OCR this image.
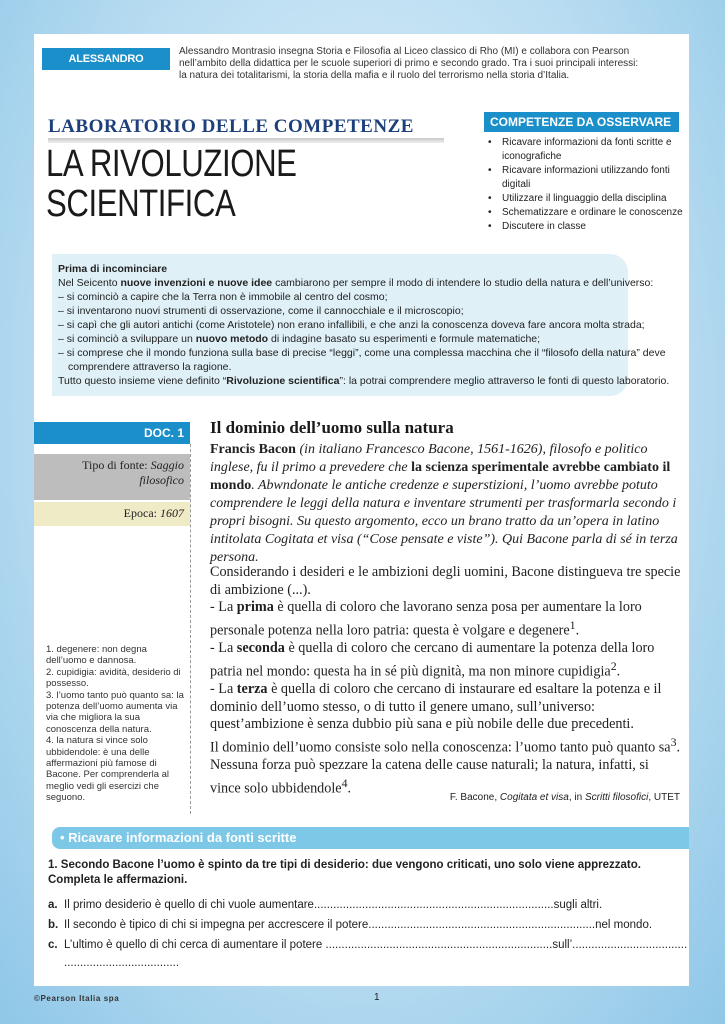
ALESSANDRO MONTRASIO
Alessandro Montrasio insegna Storia e Filosofia al Liceo classico di Rho (MI) e collabora con Pearson
nell’ambito della didattica per le scuole superiori di primo e secondo grado. Tra i suoi principali interessi:
la natura dei totalitarismi, la storia della mafia e il ruolo del terrorismo nella storia d’Italia.
LABORATORIO DELLE COMPETENZE
LA RIVOLUZIONE
SCIENTIFICA
COMPETENZE DA OSSERVARE
• Ricavare informazioni da fonti scritte e iconografiche
• Ricavare informazioni utilizzando fonti digitali
• Utilizzare il linguaggio della disciplina
• Schematizzare e ordinare le conoscenze
• Discutere in classe
Prima di incominciare
Nel Seicento nuove invenzioni e nuove idee cambiarono per sempre il modo di intendere lo studio della natura e dell’universo:
– si cominciò a capire che la Terra non è immobile al centro del cosmo;
– si inventarono nuovi strumenti di osservazione, come il cannocchiale e il microscopio;
– si capì che gli autori antichi (come Aristotele) non erano infallibili, e che anzi la conoscenza doveva fare ancora molta strada;
– si cominciò a sviluppare un nuovo metodo di indagine basato su esperimenti e formule matematiche;
– si comprese che il mondo funziona sulla base di precise “leggi”, come una complessa macchina che il “filosofo della natura” deve
comprendere attraverso la ragione.
Tutto questo insieme viene definito “Rivoluzione scientifica”: la potrai comprendere meglio attraverso le fonti di questo laboratorio.
DOC. 1
Tipo di fonte: Saggio
filosofico
Epoca: 1607
1. degenere: non degna dell’uomo e dannosa.
2. cupidigia: avidità, desiderio di possesso.
3. l’uomo tanto può quanto sa: la potenza dell’uomo aumenta via via che migliora la sua conoscenza della natura.
4. la natura si vince solo ubbidendole: è una delle affermazioni più famose di Bacone. Per comprenderla al meglio vedi gli esercizi che seguono.
Il dominio dell’uomo sulla natura
Francis Bacon (in italiano Francesco Bacone, 1561-1626), filosofo e politico inglese, fu il primo a prevedere che la scienza sperimentale avrebbe cambiato il mondo. Abwndonate le antiche credenze e superstizioni, l’uomo avrebbe potuto comprendere le leggi della natura e inventare strumenti per trasformarla secondo i propri bisogni. Su questo argomento, ecco un brano tratto da un’opera in latino intitolata Cogitata et visa (“Cose pensate e viste”). Qui Bacone parla di sé in terza persona.
Considerando i desideri e le ambizioni degli uomini, Bacone distingueva tre specie di ambizione (...).
- La prima è quella di coloro che lavorano senza posa per aumentare la loro personale potenza nella loro patria: questa è volgare e degenere$^1$.
- La seconda è quella di coloro che cercano di aumentare la potenza della loro patria nel mondo: questa ha in sé più dignità, ma non minore cupidigia$^2$.
- La terza è quella di coloro che cercano di instaurare ed esaltare la potenza e il dominio dell’uomo stesso, o di tutto il genere umano, sull’universo: quest’ambizione è senza dubbio più sana e più nobile delle due precedenti.
Il dominio dell’uomo consiste solo nella conoscenza: l’uomo tanto può quanto $sa^3$. Nessuna forza può spezzare la catena delle cause naturali; la natura, infatti, si vince solo ubbidendole$^4$.
F. Bacone, Cogitata et visa, in Scritti filosofici, UTET
• Ricavare informazioni da fonti scritte
1. Secondo Bacone l’uomo è spinto da tre tipi di desiderio: due vengono criticati, uno solo viene apprezzato. Completa le affermazioni.
a. Il primo desiderio è quello di chi vuole aumentare...........................................................................sugli altri.
b. Il secondo è tipico di chi si impegna per accrescere il potere.......................................................................nel mondo.
c. L’ultimo è quello di chi cerca di aumentare il potere .......................................................................sull’....................................
....................................
©Pearson Italia spa	1
